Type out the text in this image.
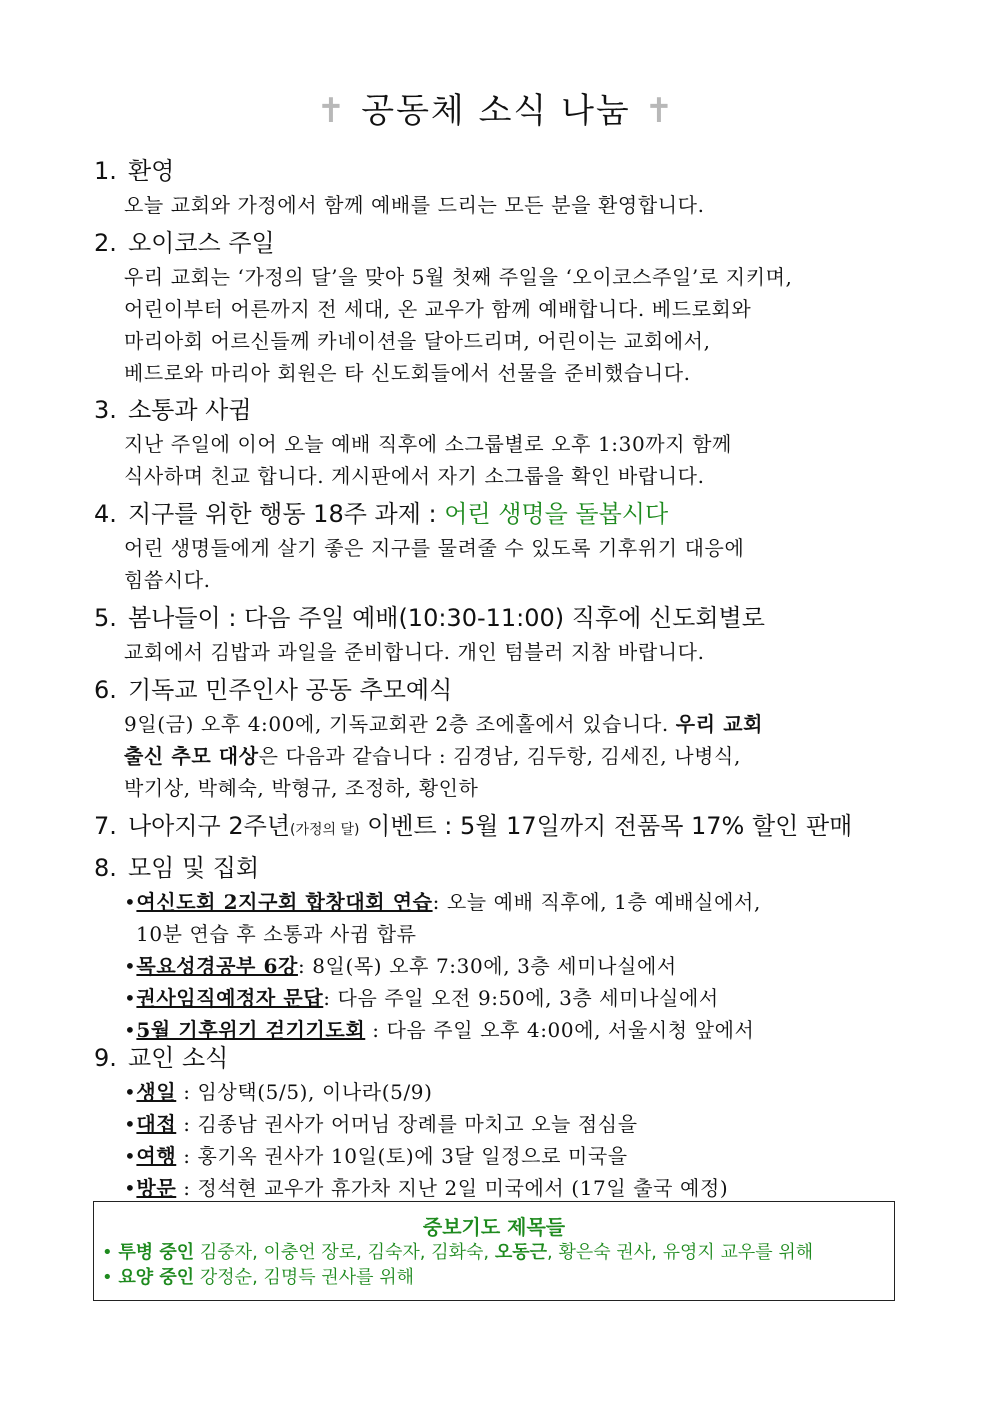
✝ 공동체 소식 나눔 ✝
1. 환영
오늘 교회와 가정에서 함께 예배를 드리는 모든 분을 환영합니다.
2. 오이코스 주일
우리 교회는 ‘가정의 달’을 맞아 5월 첫째 주일을 ‘오이코스주일’로 지키며,
어린이부터 어른까지 전 세대, 온 교우가 함께 예배합니다. 베드로회와
마리아회 어르신들께 카네이션을 달아드리며, 어린이는 교회에서,
베드로와 마리아 회원은 타 신도회들에서 선물을 준비했습니다.
3. 소통과 사귐
지난 주일에 이어 오늘 예배 직후에 소그룹별로 오후 1:30까지 함께
식사하며 친교 합니다. 게시판에서 자기 소그룹을 확인 바랍니다.
4. 지구를 위한 행동 18주 과제 : 어린 생명을 돌봅시다
어린 생명들에게 살기 좋은 지구를 물려줄 수 있도록 기후위기 대응에
힘씁시다.
5. 봄나들이 : 다음 주일 예배(10:30-11:00) 직후에 신도회별로
교회에서 김밥과 과일을 준비합니다. 개인 텀블러 지참 바랍니다.
6. 기독교 민주인사 공동 추모예식
9일(금) 오후 4:00에, 기독교회관 2층 조에홀에서 있습니다. 우리 교회
출신 추모 대상은 다음과 같습니다 : 김경남, 김두항, 김세진, 나병식,
박기상, 박혜숙, 박형규, 조정하, 황인하
7. 나아지구 2주년(가정의 달) 이벤트 : 5월 17일까지 전품목 17% 할인 판매
8. 모임 및 집회
•여신도회 2지구회 합창대회 연습: 오늘 예배 직후에, 1층 예배실에서,
10분 연습 후 소통과 사귐 합류
•목요성경공부 6강: 8일(목) 오후 7:30에, 3층 세미나실에서
•권사임직예정자 문답: 다음 주일 오전 9:50에, 3층 세미나실에서
•5월 기후위기 걷기기도회 : 다음 주일 오후 4:00에, 서울시청 앞에서
9. 교인 소식
•생일 : 임상택(5/5), 이나라(5/9)
•대접 : 김종남 권사가 어머님 장례를 마치고 오늘 점심을
•여행 : 홍기옥 권사가 10일(토)에 3달 일정으로 미국을
•방문 : 정석현 교우가 휴가차 지난 2일 미국에서 (17일 출국 예정)
중보기도 제목들
• 투병 중인 김중자, 이충언 장로, 김숙자, 김화숙, 오동근, 황은숙 권사, 유영지 교우를 위해
• 요양 중인 강정순, 김명득 권사를 위해
